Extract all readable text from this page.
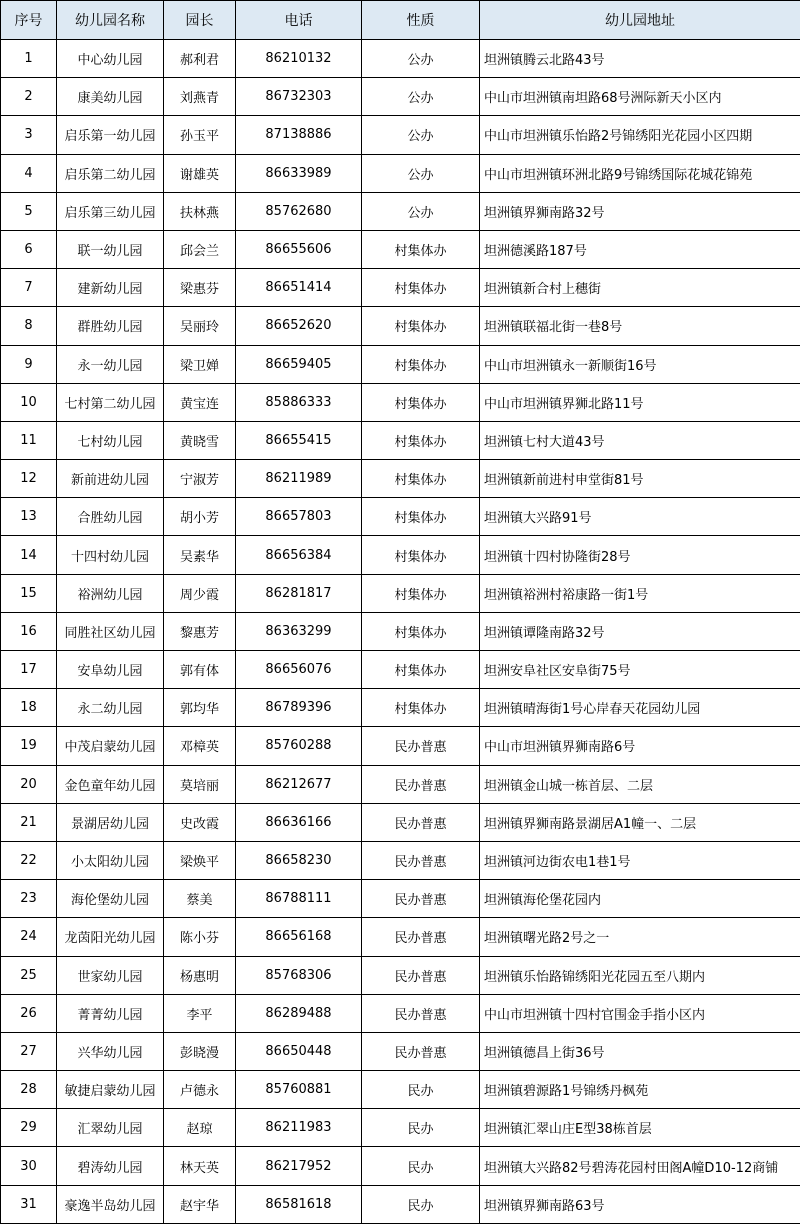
序号	幼儿园名称	园长	电话	性质	幼儿园地址
1	中心幼儿园	郝利君	86210132	公办	坦洲镇腾云北路43号
2	康美幼儿园	刘燕青	86732303	公办	中山市坦洲镇南坦路68号洲际新天小区内
3	启乐第一幼儿园	孙玉平	87138886	公办	中山市坦洲镇乐怡路2号锦绣阳光花园小区四期
4	启乐第二幼儿园	谢雄英	86633989	公办	中山市坦洲镇环洲北路9号锦绣国际花城花锦苑
5	启乐第三幼儿园	扶林燕	85762680	公办	坦洲镇界狮南路32号
6	联一幼儿园	邱会兰	86655606	村集体办	坦洲德溪路187号
7	建新幼儿园	梁惠芬	86651414	村集体办	坦洲镇新合村上穗街
8	群胜幼儿园	吴丽玲	86652620	村集体办	坦洲镇联福北街一巷8号
9	永一幼儿园	梁卫婵	86659405	村集体办	中山市坦洲镇永一新顺街16号
10	七村第二幼儿园	黄宝连	85886333	村集体办	中山市坦洲镇界狮北路11号
11	七村幼儿园	黄晓雪	86655415	村集体办	坦洲镇七村大道43号
12	新前进幼儿园	宁淑芳	86211989	村集体办	坦洲镇新前进村申堂街81号
13	合胜幼儿园	胡小芳	86657803	村集体办	坦洲镇大兴路91号
14	十四村幼儿园	吴素华	86656384	村集体办	坦洲镇十四村协隆街28号
15	裕洲幼儿园	周少霞	86281817	村集体办	坦洲镇裕洲村裕康路一街1号
16	同胜社区幼儿园	黎惠芳	86363299	村集体办	坦洲镇谭隆南路32号
17	安阜幼儿园	郭有体	86656076	村集体办	坦洲安阜社区安阜街75号
18	永二幼儿园	郭均华	86789396	村集体办	坦洲镇晴海街1号心岸春天花园幼儿园
19	中茂启蒙幼儿园	邓樟英	85760288	民办普惠	中山市坦洲镇界狮南路6号
20	金色童年幼儿园	莫培丽	86212677	民办普惠	坦洲镇金山城一栋首层、二层
21	景湖居幼儿园	史改霞	86636166	民办普惠	坦洲镇界狮南路景湖居A1幢一、二层
22	小太阳幼儿园	梁焕平	86658230	民办普惠	坦洲镇河边街农电1巷1号
23	海伦堡幼儿园	蔡美	86788111	民办普惠	坦洲镇海伦堡花园内
24	龙茵阳光幼儿园	陈小芬	86656168	民办普惠	坦洲镇曙光路2号之一
25	世家幼儿园	杨惠明	85768306	民办普惠	坦洲镇乐怡路锦绣阳光花园五至八期内
26	菁菁幼儿园	李平	86289488	民办普惠	中山市坦洲镇十四村官围金手指小区内
27	兴华幼儿园	彭晓漫	86650448	民办普惠	坦洲镇德昌上街36号
28	敏捷启蒙幼儿园	卢德永	85760881	民办	坦洲镇碧源路1号锦绣丹枫苑
29	汇翠幼儿园	赵琼	86211983	民办	坦洲镇汇翠山庄E型38栋首层
30	碧涛幼儿园	林天英	86217952	民办	坦洲镇大兴路82号碧涛花园村田阁A幢D10-12商铺
31	豪逸半岛幼儿园	赵宇华	86581618	民办	坦洲镇界狮南路63号
